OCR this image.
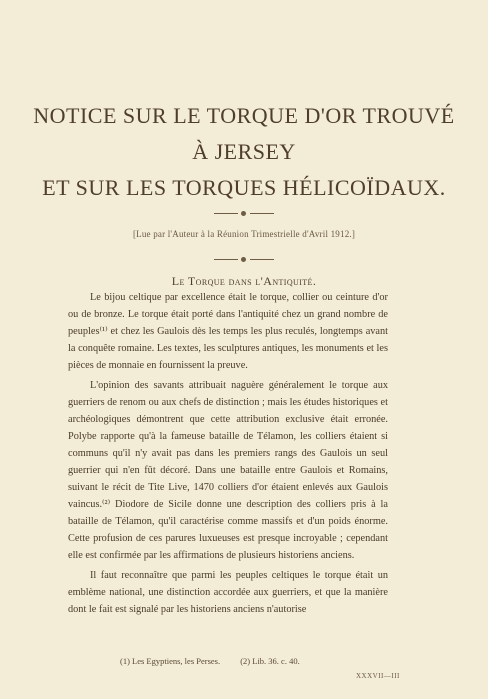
NOTICE SUR LE TORQUE D'OR TROUVÉ
À JERSEY
ET SUR LES TORQUES HÉLICOÏDAUX.
[Lue par l'Auteur à la Réunion Trimestrielle d'Avril 1912.]
Le Torque dans l'Antiquité.

Le bijou celtique par excellence était le torque, collier ou ceinture d'or ou de bronze. Le torque était porté dans l'antiquité chez un grand nombre de peuples⁽¹⁾ et chez les Gaulois dès les temps les plus reculés, longtemps avant la conquête romaine. Les textes, les sculptures antiques, les monuments et les pièces de monnaie en fournissent la preuve.

L'opinion des savants attribuait naguère généralement le torque aux guerriers de renom ou aux chefs de distinction ; mais les études historiques et archéologiques démontrent que cette attribution exclusive était erronée. Polybe rapporte qu'à la fameuse bataille de Télamon, les colliers étaient si communs qu'il n'y avait pas dans les premiers rangs des Gaulois un seul guerrier qui n'en fût décoré. Dans une bataille entre Gaulois et Romains, suivant le récit de Tite Live, 1470 colliers d'or étaient enlevés aux Gaulois vaincus.⁽²⁾ Diodore de Sicile donne une description des colliers pris à la bataille de Télamon, qu'il caractérise comme massifs et d'un poids énorme. Cette profusion de ces parures luxueuses est presque incroyable ; cependant elle est confirmée par les affirmations de plusieurs historiens anciens.

Il faut reconnaître que parmi les peuples celtiques le torque était un emblème national, une distinction accordée aux guerriers, et que la manière dont le fait est signalé par les historiens anciens n'autorise

(1) Les Egyptiens, les Perses. (2) Lib. 36. c. 40.
XXXVII—III
